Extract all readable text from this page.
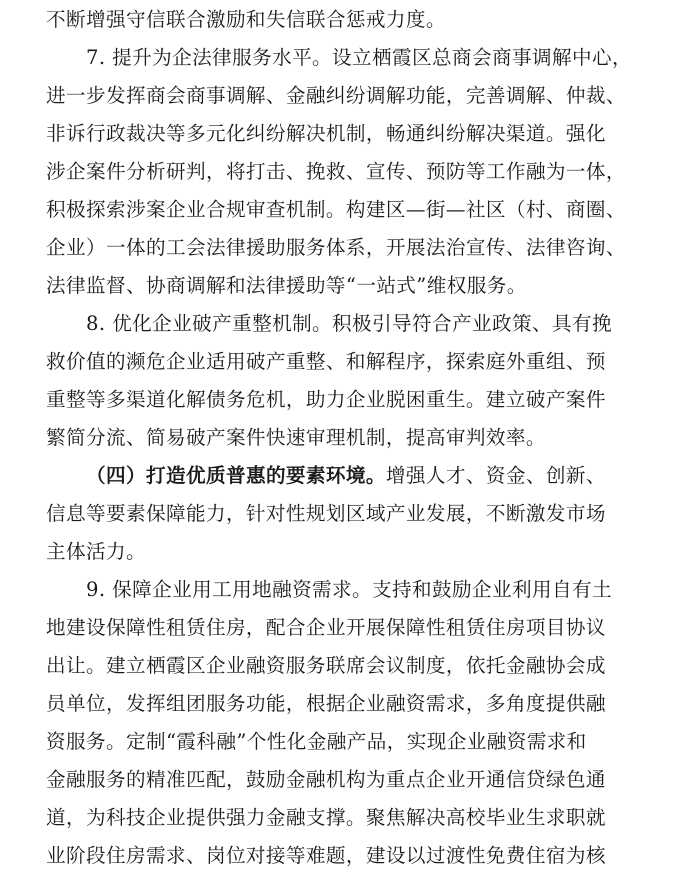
不断增强守信联合激励和失信联合惩戒力度。
7. 提升为企法律服务水平。设立栖霞区总商会商事调解中心，
进一步发挥商会商事调解、金融纠纷调解功能，完善调解、仲裁、
非诉行政裁决等多元化纠纷解决机制，畅通纠纷解决渠道。强化
涉企案件分析研判，将打击、挽救、宣传、预防等工作融为一体，
积极探索涉案企业合规审查机制。构建区—街—社区（村、商圈、
企业）一体的工会法律援助服务体系，开展法治宣传、法律咨询、
法律监督、协商调解和法律援助等“一站式”维权服务。
8. 优化企业破产重整机制。积极引导符合产业政策、具有挽
救价值的濒危企业适用破产重整、和解程序，探索庭外重组、预
重整等多渠道化解债务危机，助力企业脱困重生。建立破产案件
繁简分流、简易破产案件快速审理机制，提高审判效率。
（四）打造优质普惠的要素环境。增强人才、资金、创新、
信息等要素保障能力，针对性规划区域产业发展，不断激发市场
主体活力。
9. 保障企业用工用地融资需求。支持和鼓励企业利用自有土
地建设保障性租赁住房，配合企业开展保障性租赁住房项目协议
出让。建立栖霞区企业融资服务联席会议制度，依托金融协会成
员单位，发挥组团服务功能，根据企业融资需求，多角度提供融
资服务。定制“霞科融”个性化金融产品，实现企业融资需求和
金融服务的精准匹配，鼓励金融机构为重点企业开通信贷绿色通
道，为科技企业提供强力金融支撑。聚焦解决高校毕业生求职就
业阶段住房需求、岗位对接等难题，建设以过渡性免费住宿为核
